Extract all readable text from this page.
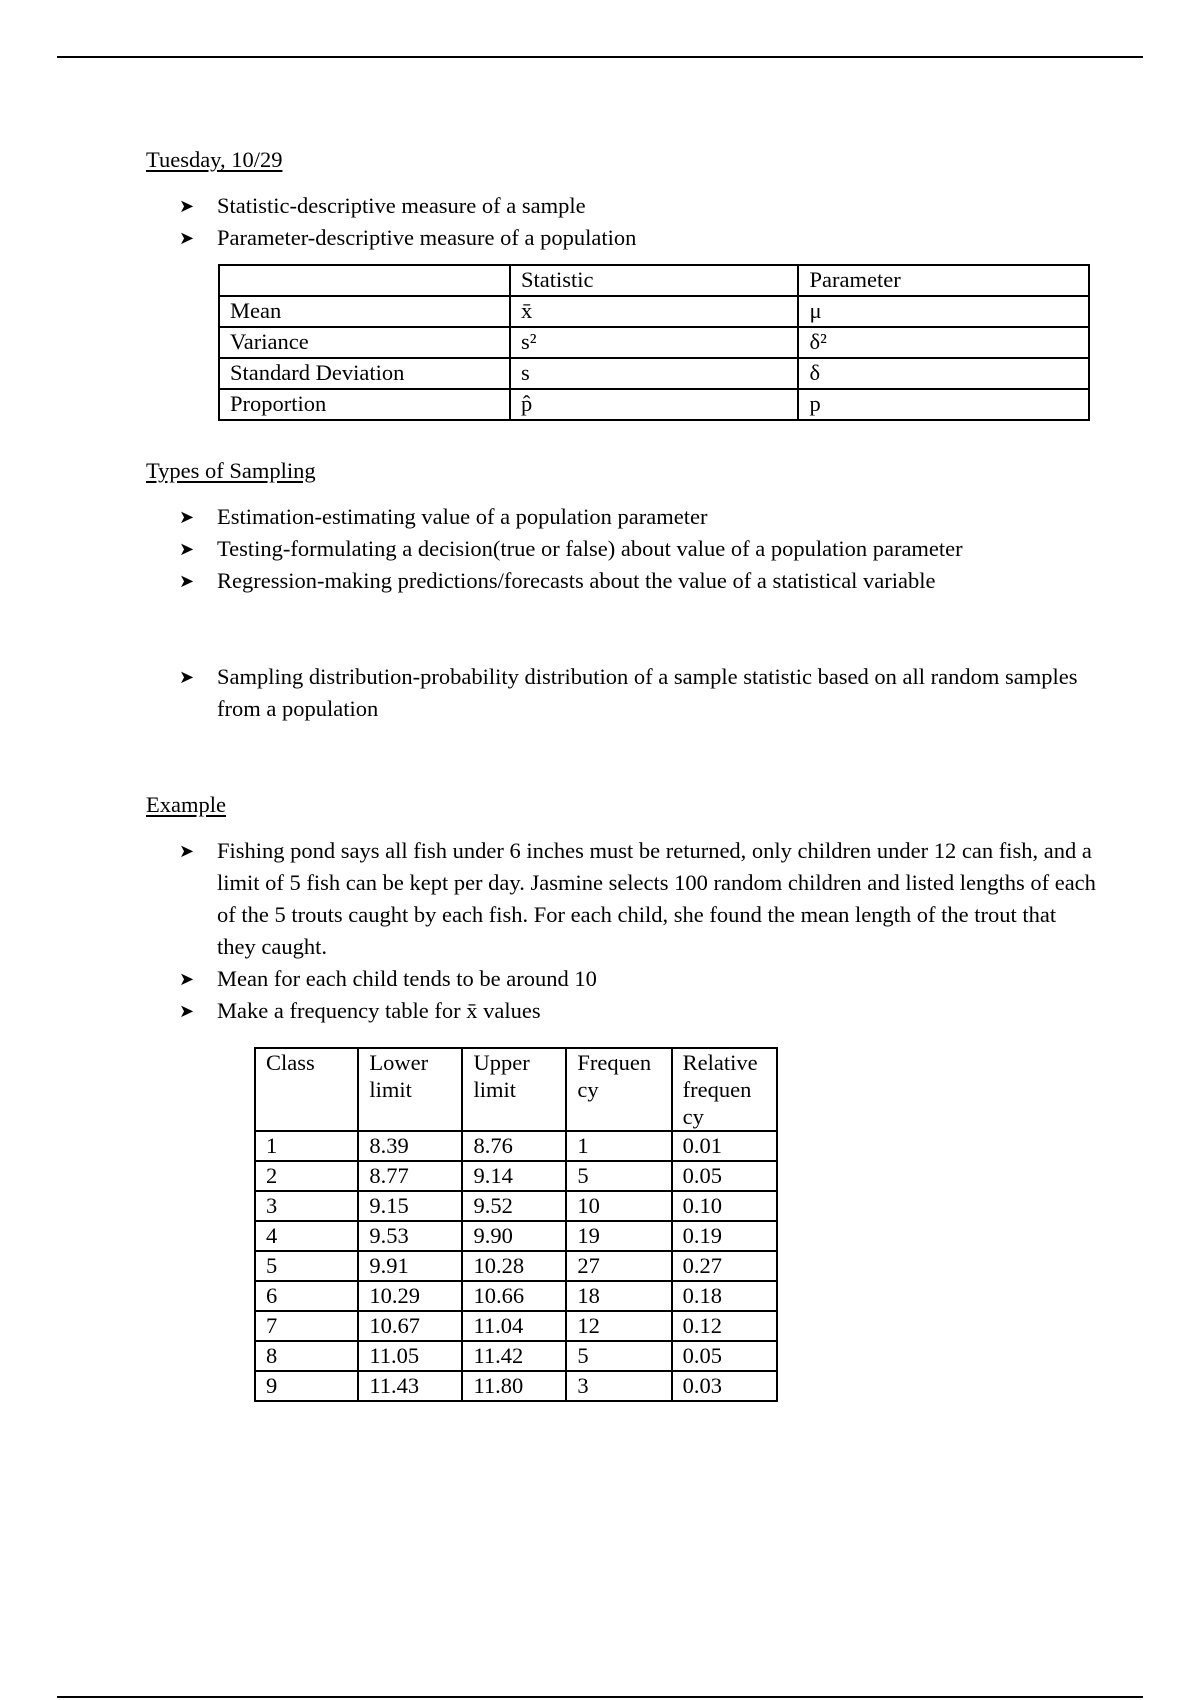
Tuesday, 10/29
➤ Statistic-descriptive measure of a sample
➤ Parameter-descriptive measure of a population
	Statistic	Parameter
Mean	x̄	μ
Variance	s²	δ²
Standard Deviation	s	δ
Proportion	p̂	p
Types of Sampling
➤ Estimation-estimating value of a population parameter
➤ Testing-formulating a decision(true or false) about value of a population parameter
➤ Regression-making predictions/forecasts about the value of a statistical variable
➤ Sampling distribution-probability distribution of a sample statistic based on all random samples from a population
Example
➤ Fishing pond says all fish under 6 inches must be returned, only children under 12 can fish, and a limit of 5 fish can be kept per day. Jasmine selects 100 random children and listed lengths of each of the 5 trouts caught by each fish. For each child, she found the mean length of the trout that they caught.
➤ Mean for each child tends to be around 10
➤ Make a frequency table for x̄ values
Class	Lower limit	Upper limit	Frequen cy	Relative frequen cy
1	8.39	8.76	1	0.01
2	8.77	9.14	5	0.05
3	9.15	9.52	10	0.10
4	9.53	9.90	19	0.19
5	9.91	10.28	27	0.27
6	10.29	10.66	18	0.18
7	10.67	11.04	12	0.12
8	11.05	11.42	5	0.05
9	11.43	11.80	3	0.03
